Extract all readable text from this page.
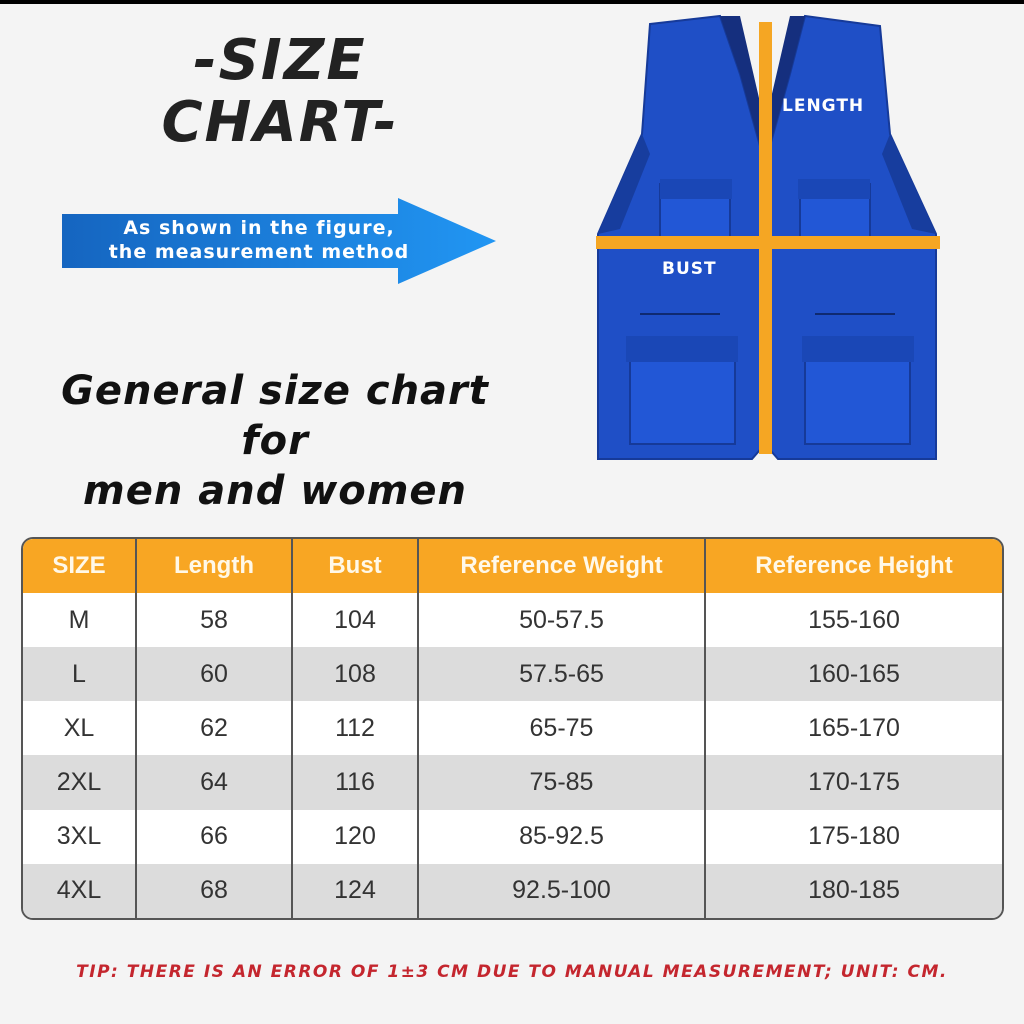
-SIZE CHART-
As shown in the figure,
the measurement method
General size chart for
men and women
LENGTH
BUST
SIZE	Length	Bust	Reference Weight	Reference Height
M	58	104	50-57.5	155-160
L	60	108	57.5-65	160-165
XL	62	112	65-75	165-170
2XL	64	116	75-85	170-175
3XL	66	120	85-92.5	175-180
4XL	68	124	92.5-100	180-185
TIP: THERE IS AN ERROR OF 1±3 CM DUE TO MANUAL MEASUREMENT; UNIT: CM.
